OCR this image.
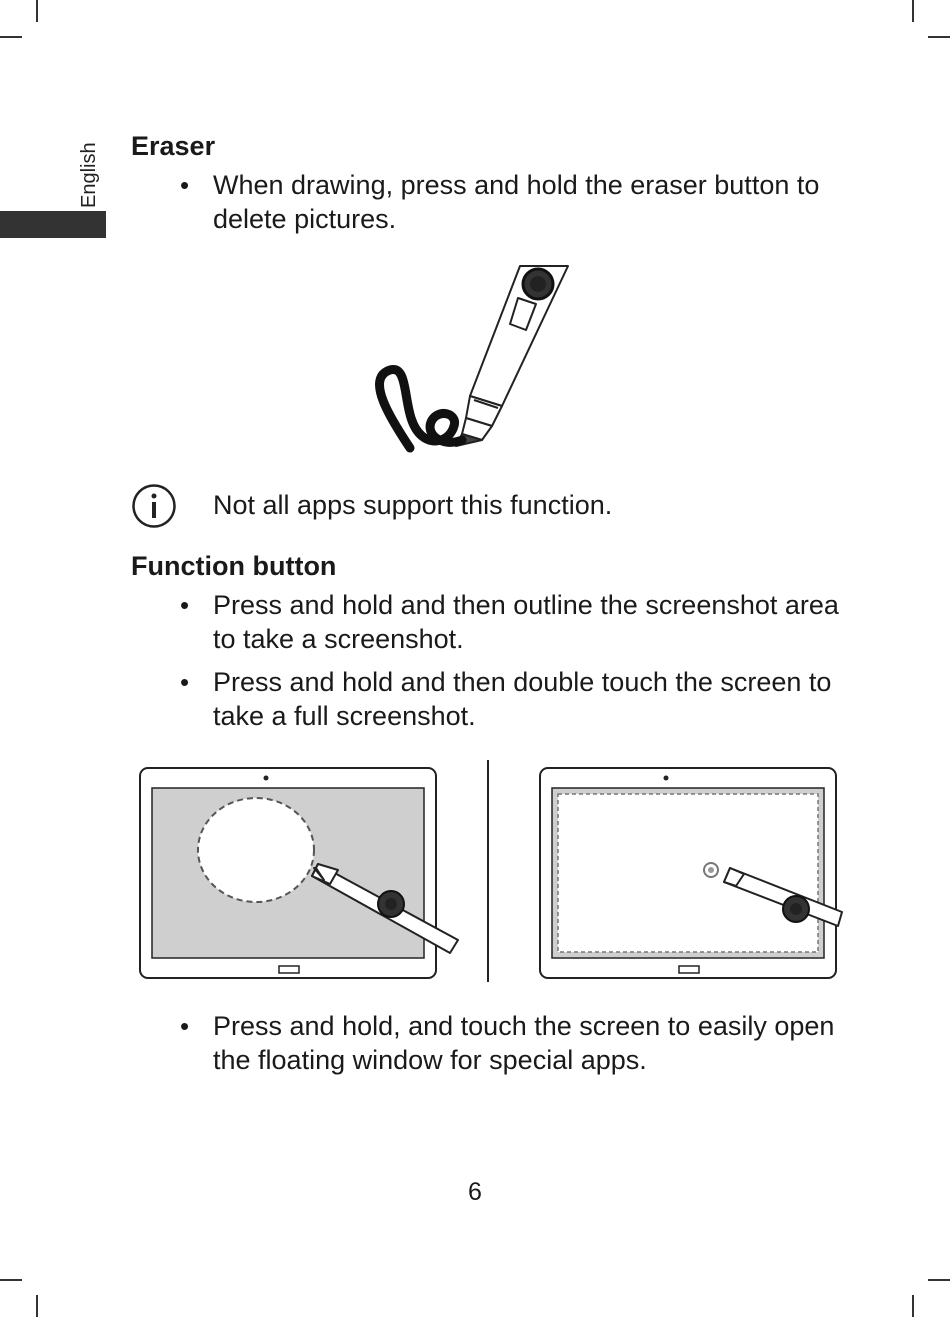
English Eraser
• When drawing, press and hold the eraser button to delete pictures.
Not all apps support this function.
Function button
• Press and hold and then outline the screenshot area to take a screenshot.
• Press and hold and then double touch the screen to take a full screenshot.
• Press and hold, and touch the screen to easily open the floating window for special apps.
6
